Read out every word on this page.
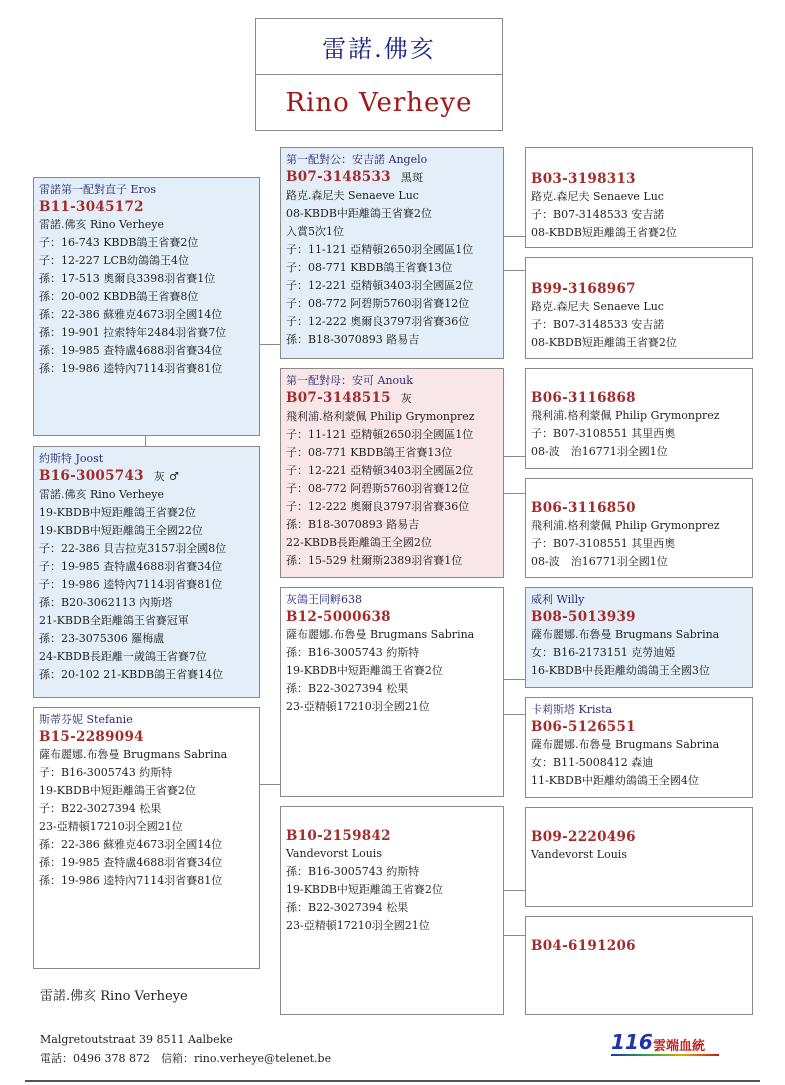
雷諾.佛亥
Rino Verheye
雷諾第一配對直子 Eros
B11-3045172
雷諾.佛亥 Rino Verheye
子：16-743 KBDB鴿王省賽2位
子：12-227 LCB幼鴿鴿王4位
孫：17-513 奧爾良3398羽省賽1位
孫：20-002 KBDB鴿王省賽8位
孫：22-386 蘇雅克4673羽全國14位
孫：19-901 拉索特年2484羽省賽7位
孫：19-985 查特盧4688羽省賽34位
孫：19-986 逵特內7114羽省賽81位
約斯特 Joost
B16-3005743 灰 ♂
雷諾.佛亥 Rino Verheye
19-KBDB中短距離鴿王省賽2位
19-KBDB中短距離鴿王全國22位
子：22-386 貝吉拉克3157羽全國8位
子：19-985 查特盧4688羽省賽34位
子：19-986 逵特內7114羽省賽81位
孫：B20-3062113 內斯塔
21-KBDB全距離鴿王省賽冠軍
孫：23-3075306 羅梅盧
24-KBDB長距離一歲鴿王省賽7位
孫：20-102 21-KBDB鴿王省賽14位
斯蒂芬妮 Stefanie
B15-2289094
薩布麗娜.布魯曼 Brugmans Sabrina
子：B16-3005743 約斯特
19-KBDB中短距離鴿王省賽2位
子：B22-3027394 松果
23-亞精頓17210羽全國21位
孫：22-386 蘇雅克4673羽全國14位
孫：19-985 查特盧4688羽省賽34位
孫：19-986 逵特內7114羽省賽81位
第一配對公：安吉諾 Angelo
B07-3148533 黑斑
路克.森尼夫 Senaeve Luc
08-KBDB中距離鴿王省賽2位
入賞5次1位
子：11-121 亞精頓2650羽全國區1位
子：08-771 KBDB鴿王省賽13位
子：12-221 亞精頓3403羽全國區2位
子：08-772 阿碧斯5760羽省賽12位
子：12-222 奧爾良3797羽省賽36位
孫：B18-3070893 路易吉
第一配對母：安可 Anouk
B07-3148515 灰
飛利浦.格利蒙佩 Philip Grymonprez
子：11-121 亞精頓2650羽全國區1位
子：08-771 KBDB鴿王省賽13位
子：12-221 亞精頓3403羽全國區2位
子：08-772 阿碧斯5760羽省賽12位
子：12-222 奧爾良3797羽省賽36位
孫：B18-3070893 路易吉
22-KBDB長距離鴿王全國2位
孫：15-529 杜爾斯2389羽省賽1位
灰鴿王同孵638
B12-5000638
薩布麗娜.布魯曼 Brugmans Sabrina
孫：B16-3005743 約斯特
19-KBDB中短距離鴿王省賽2位
孫：B22-3027394 松果
23-亞精頓17210羽全國21位
B10-2159842
Vandevorst Louis
孫：B16-3005743 約斯特
19-KBDB中短距離鴿王省賽2位
孫：B22-3027394 松果
23-亞精頓17210羽全國21位
B03-3198313
路克.森尼夫 Senaeve Luc
子：B07-3148533 安吉諾
08-KBDB短距離鴿王省賽2位
B99-3168967
路克.森尼夫 Senaeve Luc
子：B07-3148533 安吉諾
08-KBDB短距離鴿王省賽2位
B06-3116868
飛利浦.格利蒙佩 Philip Grymonprez
子：B07-3108551 其里西奧
08-波　治16771羽全國1位
B06-3116850
飛利浦.格利蒙佩 Philip Grymonprez
子：B07-3108551 其里西奧
08-波　治16771羽全國1位
威利 Willy
B08-5013939
薩布麗娜.布魯曼 Brugmans Sabrina
女：B16-2173151 克勞迪婭
16-KBDB中長距離幼鴿鴿王全國3位
卡莉斯塔 Krista
B06-5126551
薩布麗娜.布魯曼 Brugmans Sabrina
女：B11-5008412 森迪
11-KBDB中距離幼鴿鴿王全國4位
B09-2220496
Vandevorst Louis
B04-6191206
雷諾.佛亥 Rino Verheye
Malgretoutstraat 39 8511 Aalbeke
電話：0496 378 872　信箱：rino.verheye@telenet.be
116 雲端血統
